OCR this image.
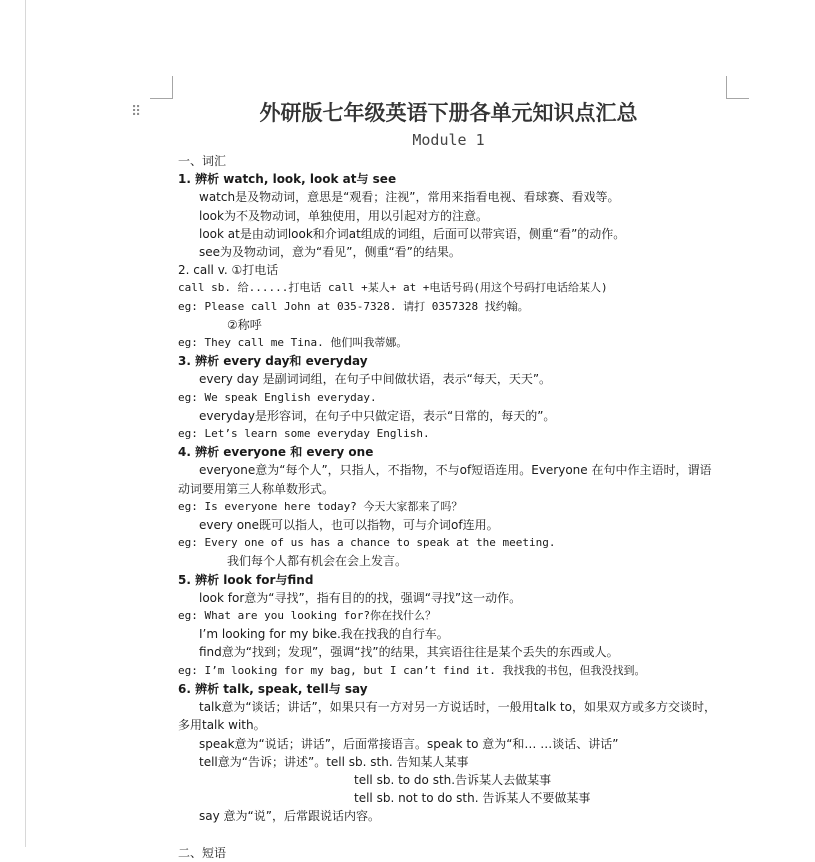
⠿	外研版七年级英语下册各单元知识点汇总
Module 1
一、词汇
1. 辨析 watch, look, look at与 see
watch是及物动词，意思是“观看；注视”，常用来指看电视、看球赛、看戏等。
look为不及物动词，单独使用，用以引起对方的注意。
look at是由动词look和介词at组成的词组，后面可以带宾语，侧重“看”的动作。
see为及物动词，意为“看见”，侧重“看”的结果。
2. call v. ①打电话
call sb. 给......打电话 call +某人+ at +电话号码(用这个号码打电话给某人)
eg: Please call John at 035-7328. 请打 0357328 找约翰。
②称呼
eg: They call me Tina. 他们叫我蒂娜。
3. 辨析 every day和 everyday
every day 是副词词组，在句子中间做状语，表示“每天，天天”。
eg: We speak English everyday.
everyday是形容词，在句子中只做定语，表示“日常的，每天的”。
eg: Let’s learn some everyday English.
4. 辨析 everyone 和 every one
everyone意为“每个人”，只指人，不指物，不与of短语连用。Everyone 在句中作主语时，谓语动词要用第三人称单数形式。
eg: Is everyone here today? 今天大家都来了吗？
every one既可以指人，也可以指物，可与介词of连用。
eg: Every one of us has a chance to speak at the meeting.
我们每个人都有机会在会上发言。
5. 辨析 look for与find
look for意为“寻找”，指有目的的找，强调“寻找”这一动作。
eg: What are you looking for?你在找什么？
I’m looking for my bike.我在找我的自行车。
find意为“找到；发现”，强调“找”的结果，其宾语往往是某个丢失的东西或人。
eg: I’m looking for my bag, but I can’t find it. 我找我的书包，但我没找到。
6. 辨析 talk, speak, tell与 say
talk意为“谈话；讲话”，如果只有一方对另一方说话时，一般用talk to，如果双方或多方交谈时，多用talk with。
speak意为“说话；讲话”，后面常接语言。speak to 意为“和… …谈话、讲话”
tell意为“告诉；讲述”。tell sb. sth. 告知某人某事
tell sb. to do sth.告诉某人去做某事
tell sb. not to do sth. 告诉某人不要做某事
say 意为“说”，后常跟说话内容。

二、短语
